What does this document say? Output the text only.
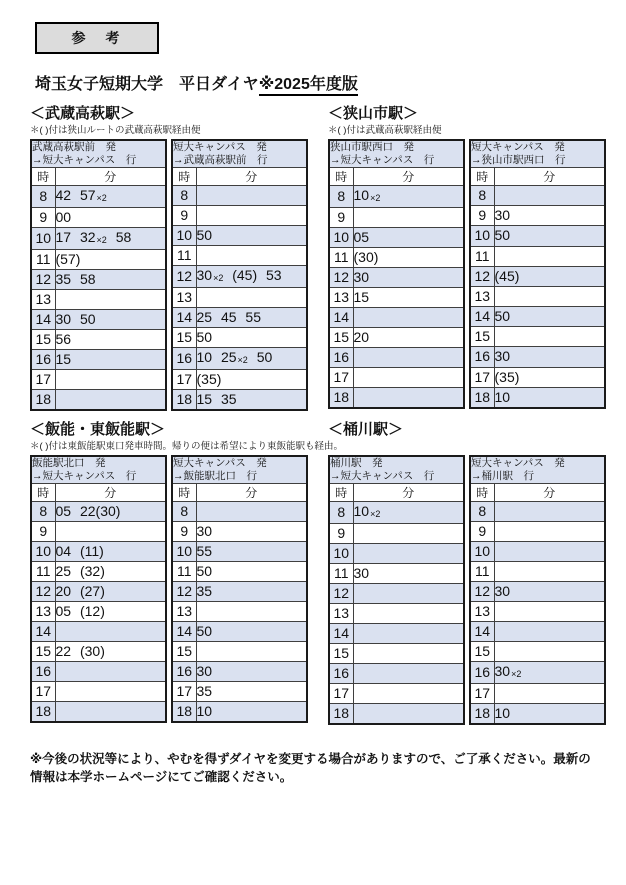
参　考
埼玉女子短期大学　平日ダイヤ※2025年度版
＜武蔵高萩駅＞
＊( )付は狭山ルートの武蔵高萩駅経由便
武蔵高萩駅前　発
→短大キャンパス　行	

時	分
8	42 57×2
9	00
10	17 32×2 58
11	(57)
12	35 58
13	
14	30 50
15	56
16	15
17	
18	
短大キャンパス　発
→武蔵高萩駅前　行	

時	分
8	
9	
10	50
11	
12	30×2 (45) 53
13	
14	25 45 55
15	50
16	10 25×2 50
17	(35)
18	15 35
＜狭山市駅＞
＊( )付は武蔵高萩駅経由便
狭山市駅西口　発
→短大キャンパス　行	

時	分
8	10×2
9	
10	05
11	(30)
12	30
13	15
14	
15	20
16	
17	
18	
短大キャンパス　発
→狭山市駅西口　行	

時	分
8	
9	30
10	50
11	
12	(45)
13	
14	50
15	
16	30
17	(35)
18	10
＜飯能・東飯能駅＞
＊( )付は東飯能駅東口発車時間。帰りの便は希望により東飯能駅も経由。
飯能駅北口　発
→短大キャンパス　行	

時	分
8	05 22(30)
9	
10	04 (11)
11	25 (32)
12	20 (27)
13	05 (12)
14	
15	22 (30)
16	
17	
18	
短大キャンパス　発
→飯能駅北口　行	

時	分
8	
9	30
10	55
11	50
12	35
13	
14	50
15	
16	30
17	35
18	10
＜桶川駅＞
桶川駅　発
→短大キャンパス　行	

時	分
8	10×2
9	
10	
11	30
12	
13	
14	
15	
16	
17	
18	
短大キャンパス　発
→桶川駅　行	

時	分
8	
9	
10	
11	
12	30
13	
14	
15	
16	30×2
17	
18	10
※今後の状況等により、やむを得ずダイヤを変更する場合がありますので、ご了承ください。最新の情報は本学ホームページにてご確認ください。
